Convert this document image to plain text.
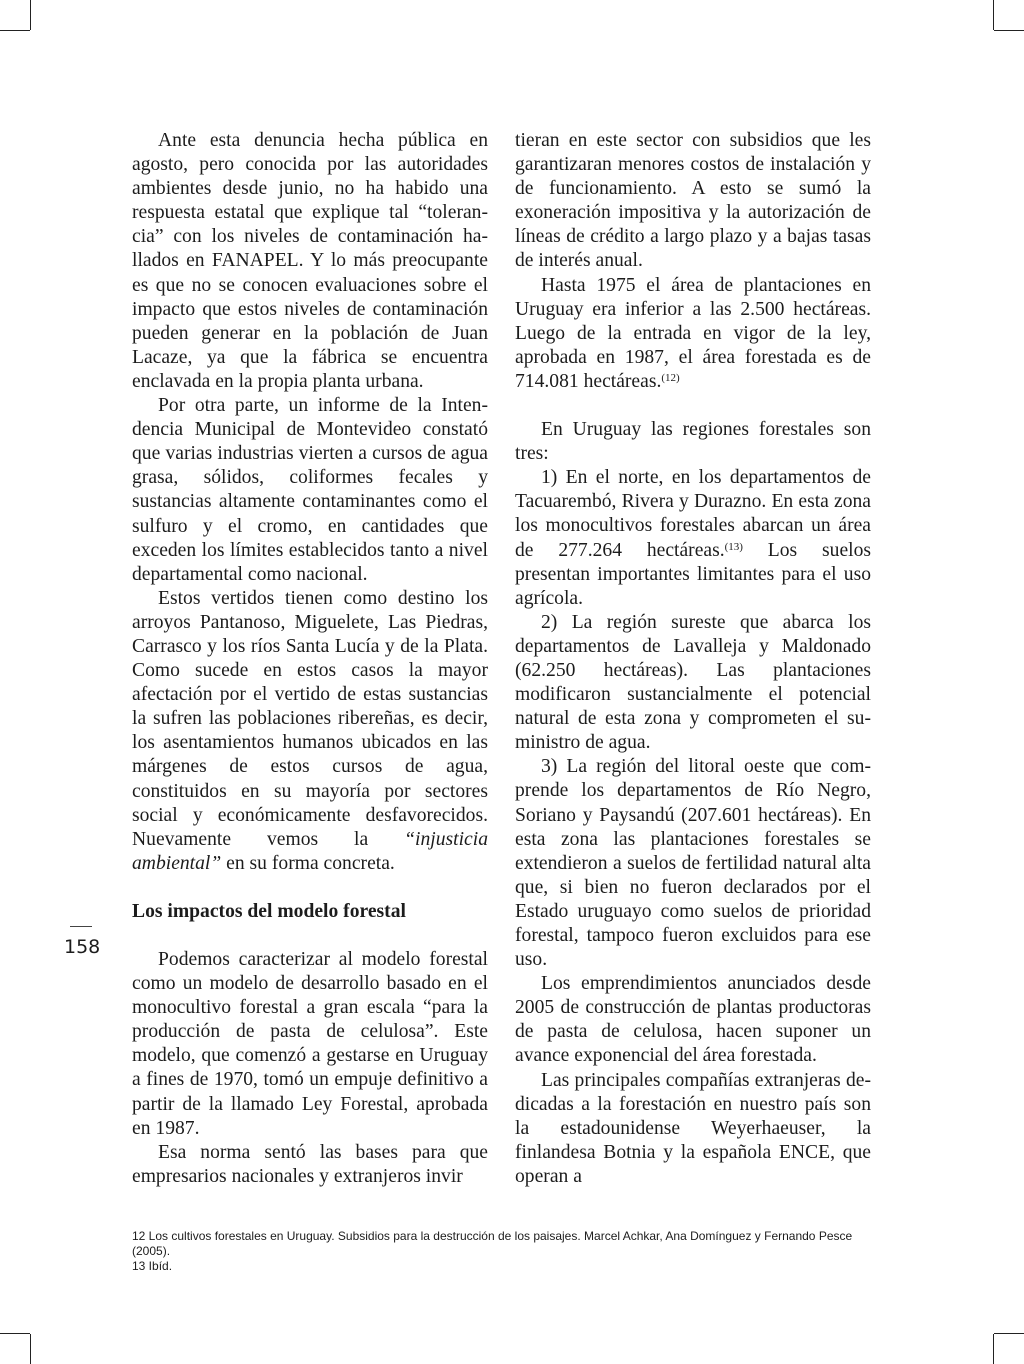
Ante esta denuncia hecha pública en agosto, pero conocida por las autoridades ambientes desde junio, no ha habido una respuesta estatal que explique tal “tolerancia” con los niveles de contaminación hallados en FANAPEL. Y lo más preocupante es que no se conocen evaluaciones sobre el impacto que estos niveles de contaminación pueden generar en la población de Juan Lacaze, ya que la fábrica se encuentra enclavada en la propia planta urbana.

Por otra parte, un informe de la Intendencia Municipal de Montevideo constató que varias industrias vierten a cursos de agua grasa, sólidos, coliformes fecales y sustancias altamente contaminantes como el sulfuro y el cromo, en cantidades que exceden los límites establecidos tanto a nivel departamental como nacional.

Estos vertidos tienen como destino los arroyos Pantanoso, Miguelete, Las Piedras, Carrasco y los ríos Santa Lucía y de la Plata. Como sucede en estos casos la mayor afectación por el vertido de estas sustancias la sufren las poblaciones ribereñas, es decir, los asentamientos humanos ubicados en las márgenes de estos cursos de agua, constituidos en su mayoría por sectores social y económicamente desfavorecidos. Nuevamente vemos la “injusticia ambiental” en su forma concreta.

Los impactos del modelo forestal

Podemos caracterizar al modelo forestal como un modelo de desarrollo basado en el monocultivo forestal a gran escala “para la producción de pasta de celulosa”. Este modelo, que comenzó a gestarse en Uruguay a fines de 1970, tomó un empuje definitivo a partir de la llamado Ley Forestal, aprobada en 1987.

Esa norma sentó las bases para que empresarios nacionales y extranjeros invir

tieran en este sector con subsidios que les garantizaran menores costos de instalación y de funcionamiento. A esto se sumó la exoneración impositiva y la autorización de líneas de crédito a largo plazo y a bajas tasas de interés anual.

Hasta 1975 el área de plantaciones en Uruguay era inferior a las 2.500 hectáreas. Luego de la entrada en vigor de la ley, aprobada en 1987, el área forestada es de 714.081 hectáreas.$^{(12)}$

En Uruguay las regiones forestales son tres:

1) En el norte, en los departamentos de Tacuarembó, Rivera y Durazno. En esta zona los monocultivos forestales abarcan un área de 277.264 hectáreas.$^{(13)}$ Los suelos presentan importantes limitantes para el uso agrícola.

2) La región sureste que abarca los departamentos de Lavalleja y Maldonado (62.250 hectáreas). Las plantaciones modificaron sustancialmente el potencial natural de esta zona y comprometen el suministro de agua.

3) La región del litoral oeste que comprende los departamentos de Río Negro, Soriano y Paysandú (207.601 hectáreas). En esta zona las plantaciones forestales se extendieron a suelos de fertilidad natural alta que, si bien no fueron declarados por el Estado uruguayo como suelos de prioridad forestal, tampoco fueron excluidos para ese uso.

Los emprendimientos anunciados desde 2005 de construcción de plantas productoras de pasta de celulosa, hacen suponer un avance exponencial del área forestada.

Las principales compañías extranjeras dedicadas a la forestación en nuestro país son la estadounidense Weyerhaeuser, la finlandesa Botnia y la española ENCE, que operan a

158

12 Los cultivos forestales en Uruguay. Subsidios para la destrucción de los paisajes. Marcel Achkar, Ana Domínguez y Fernando Pesce (2005).

13 Ibíd.
